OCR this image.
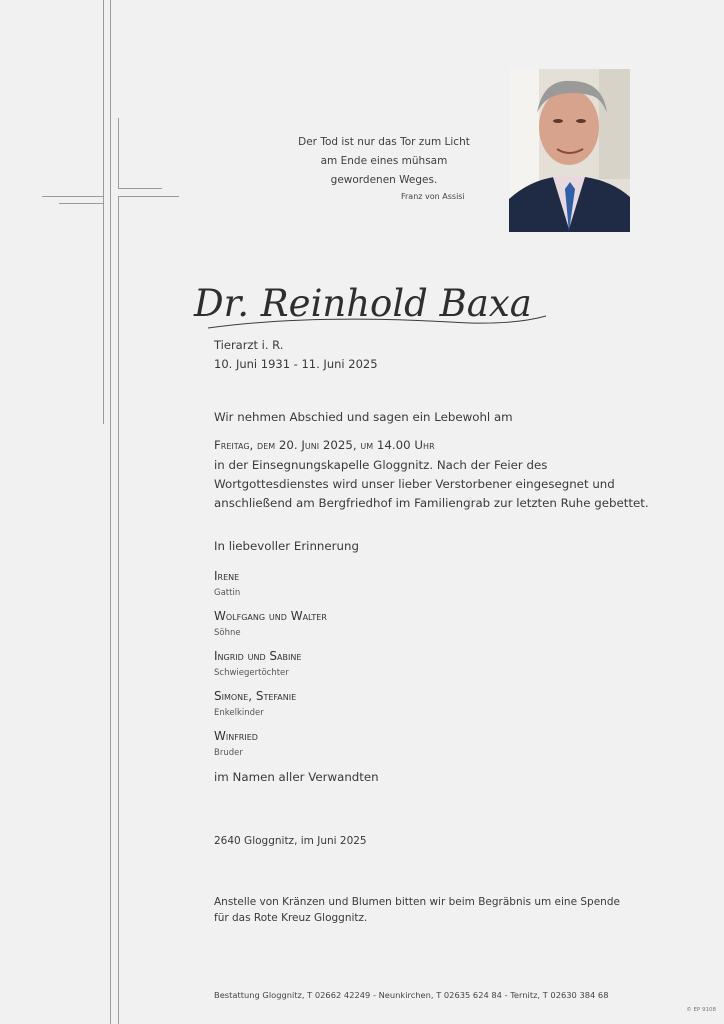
Der Tod ist nur das Tor zum Licht
am Ende eines mühsam
gewordenen Weges.
Franz von Assisi
Dr. Reinhold Baxa
Tierarzt i. R.
10. Juni 1931 - 11. Juni 2025
Wir nehmen Abschied und sagen ein Lebewohl am
Freitag, dem 20. Juni 2025, um 14.00 Uhr
in der Einsegnungskapelle Gloggnitz. Nach der Feier des
Wortgottesdienstes wird unser lieber Verstorbener eingesegnet und
anschließend am Bergfriedhof im Familiengrab zur letzten Ruhe gebettet.
In liebevoller Erinnerung
Irene
Gattin
Wolfgang und Walter
Söhne
Ingrid und Sabine
Schwiegertöchter
Simone, Stefanie
Enkelkinder
Winfried
Bruder
im Namen aller Verwandten
2640 Gloggnitz, im Juni 2025
Anstelle von Kränzen und Blumen bitten wir beim Begräbnis um eine Spende
für das Rote Kreuz Gloggnitz.
Bestattung Gloggnitz, T 02662 42249 - Neunkirchen, T 02635 624 84 - Ternitz, T 02630 384 68
© EP 9108
